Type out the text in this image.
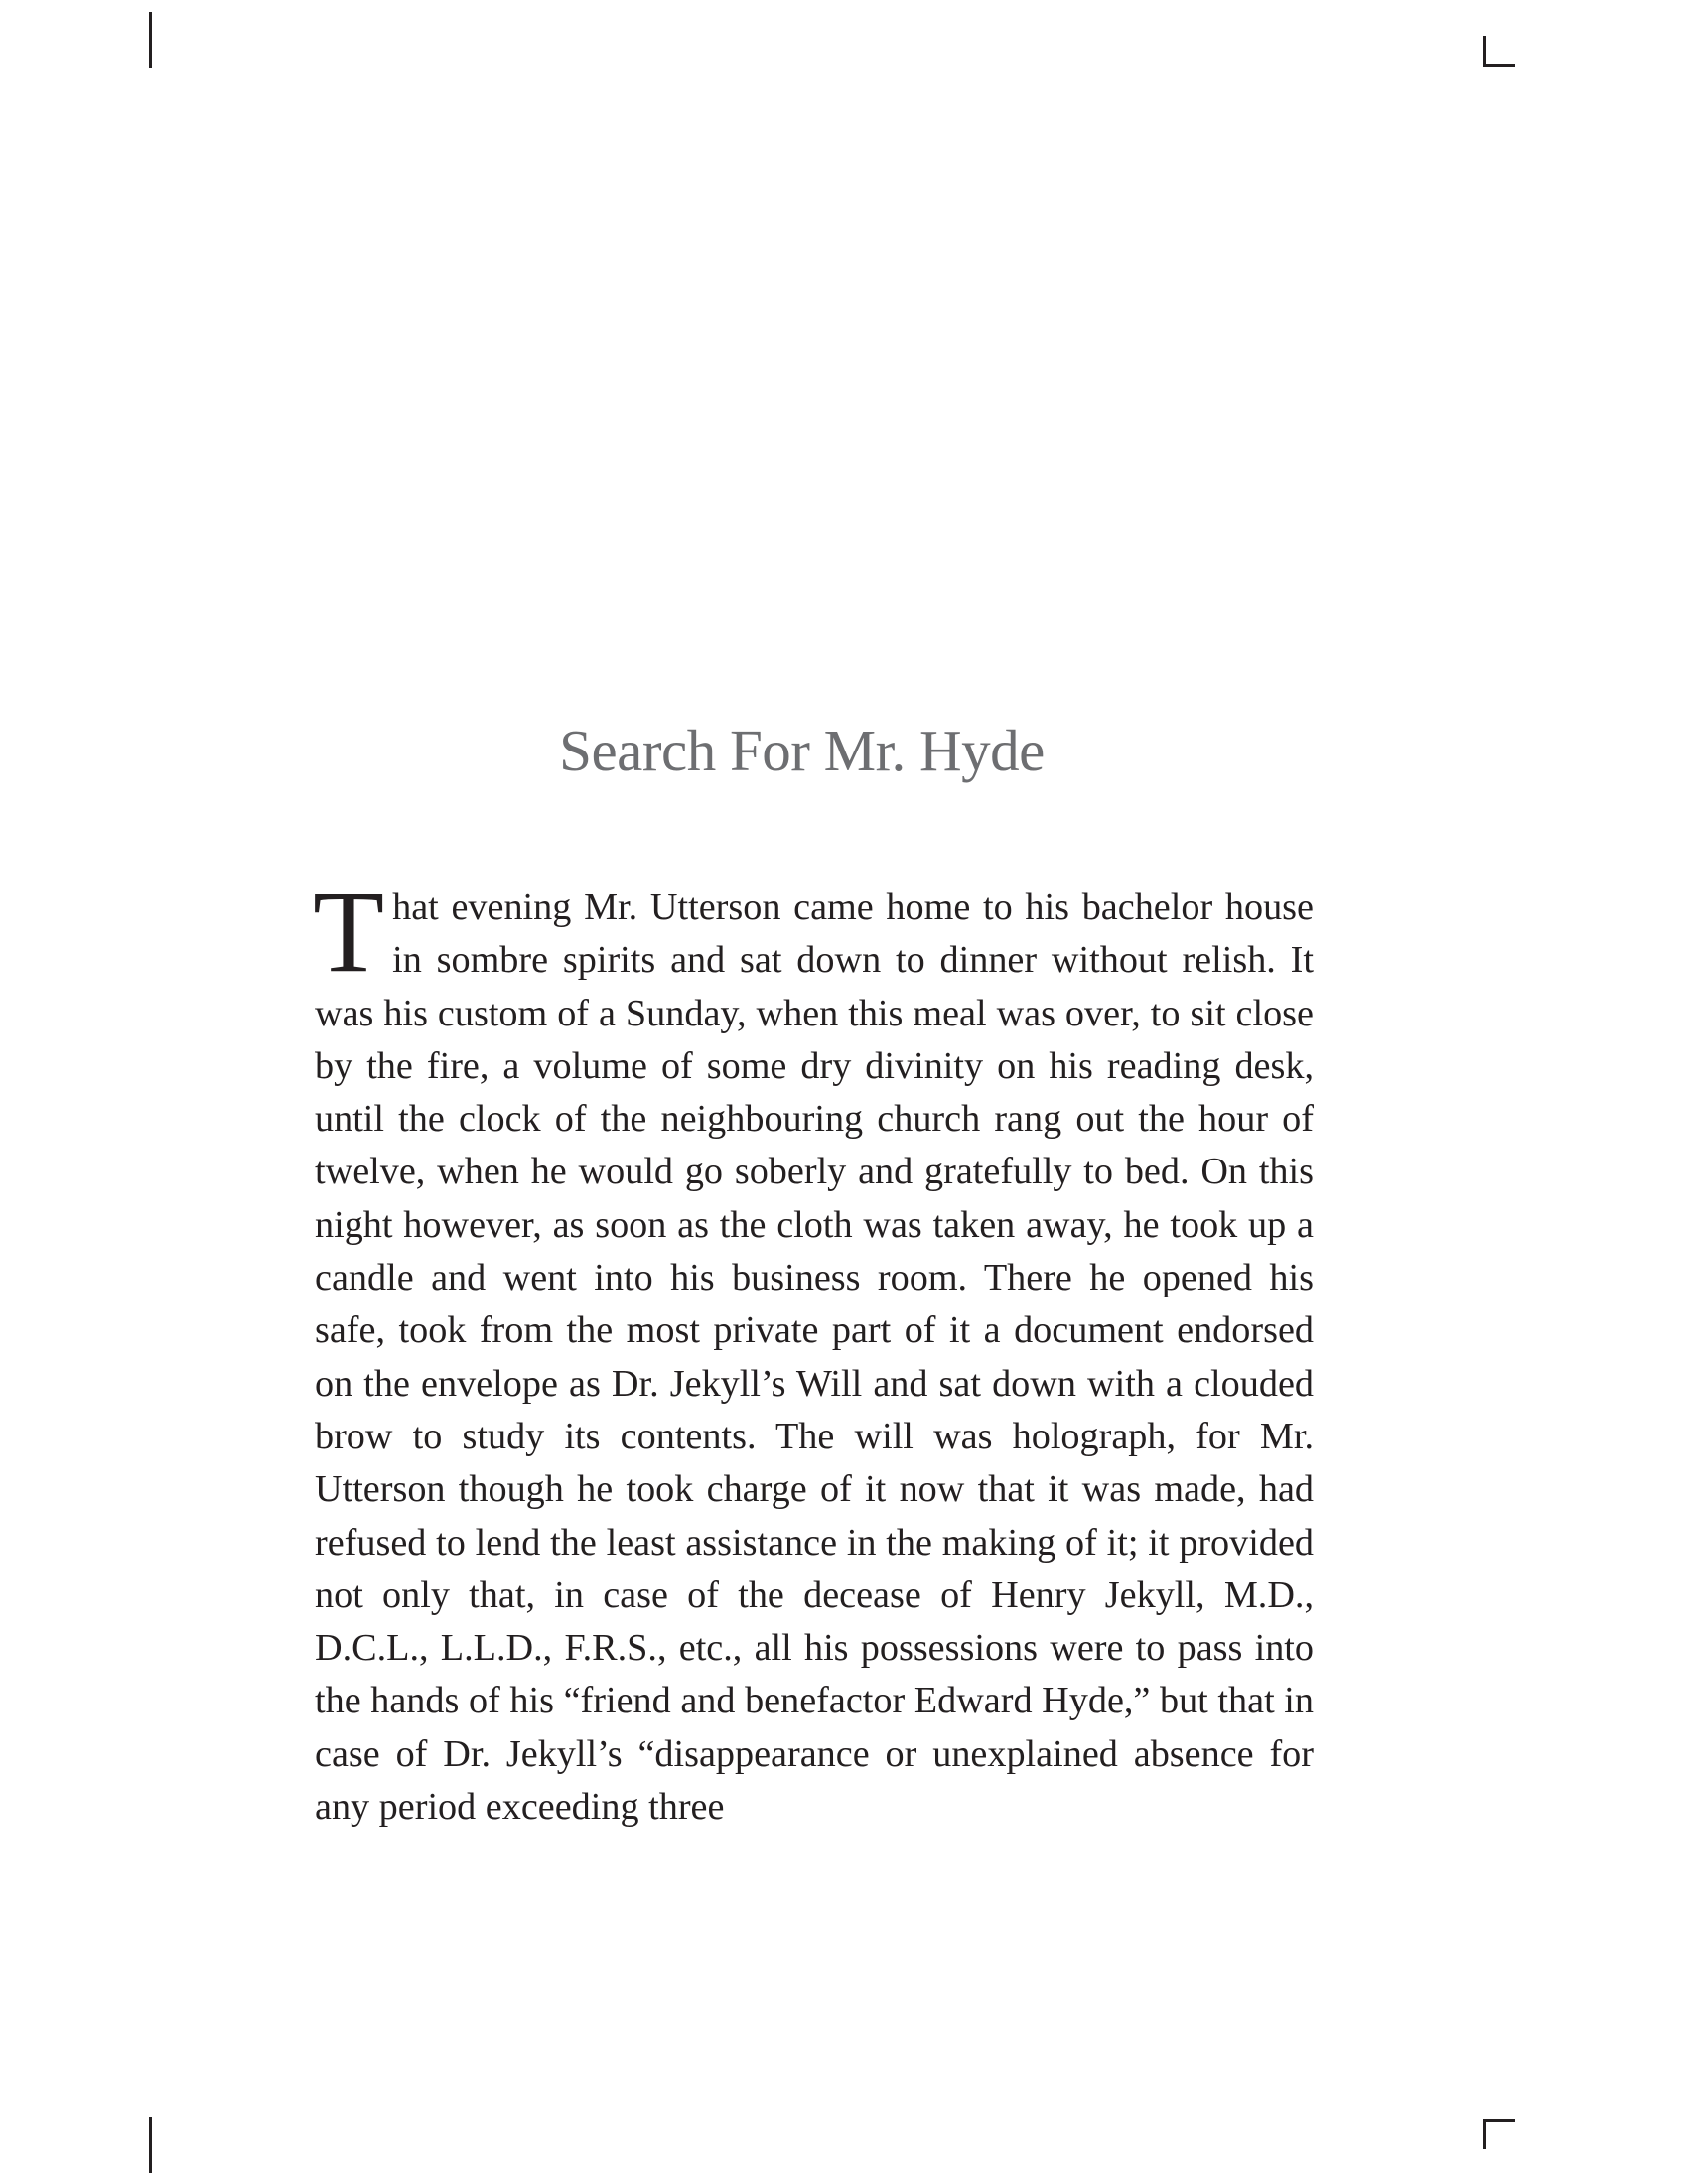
Search For Mr. Hyde

That evening Mr. Utterson came home to his bachelor house in sombre spirits and sat down to dinner without relish. It was his custom of a Sunday, when this meal was over, to sit close by the fire, a volume of some dry divinity on his reading desk, until the clock of the neighbouring church rang out the hour of twelve, when he would go soberly and gratefully to bed. On this night however, as soon as the cloth was taken away, he took up a candle and went into his business room. There he opened his safe, took from the most private part of it a document endorsed on the envelope as Dr. Jekyll’s Will and sat down with a clouded brow to study its contents. The will was holograph, for Mr. Utterson though he took charge of it now that it was made, had refused to lend the least assistance in the making of it; it provided not only that, in case of the decease of Henry Jekyll, M.D., D.C.L., L.L.D., F.R.S., etc., all his possessions were to pass into the hands of his “friend and benefactor Edward Hyde,” but that in case of Dr. Jekyll’s “disappearance or unexplained absence for any period exceeding three
